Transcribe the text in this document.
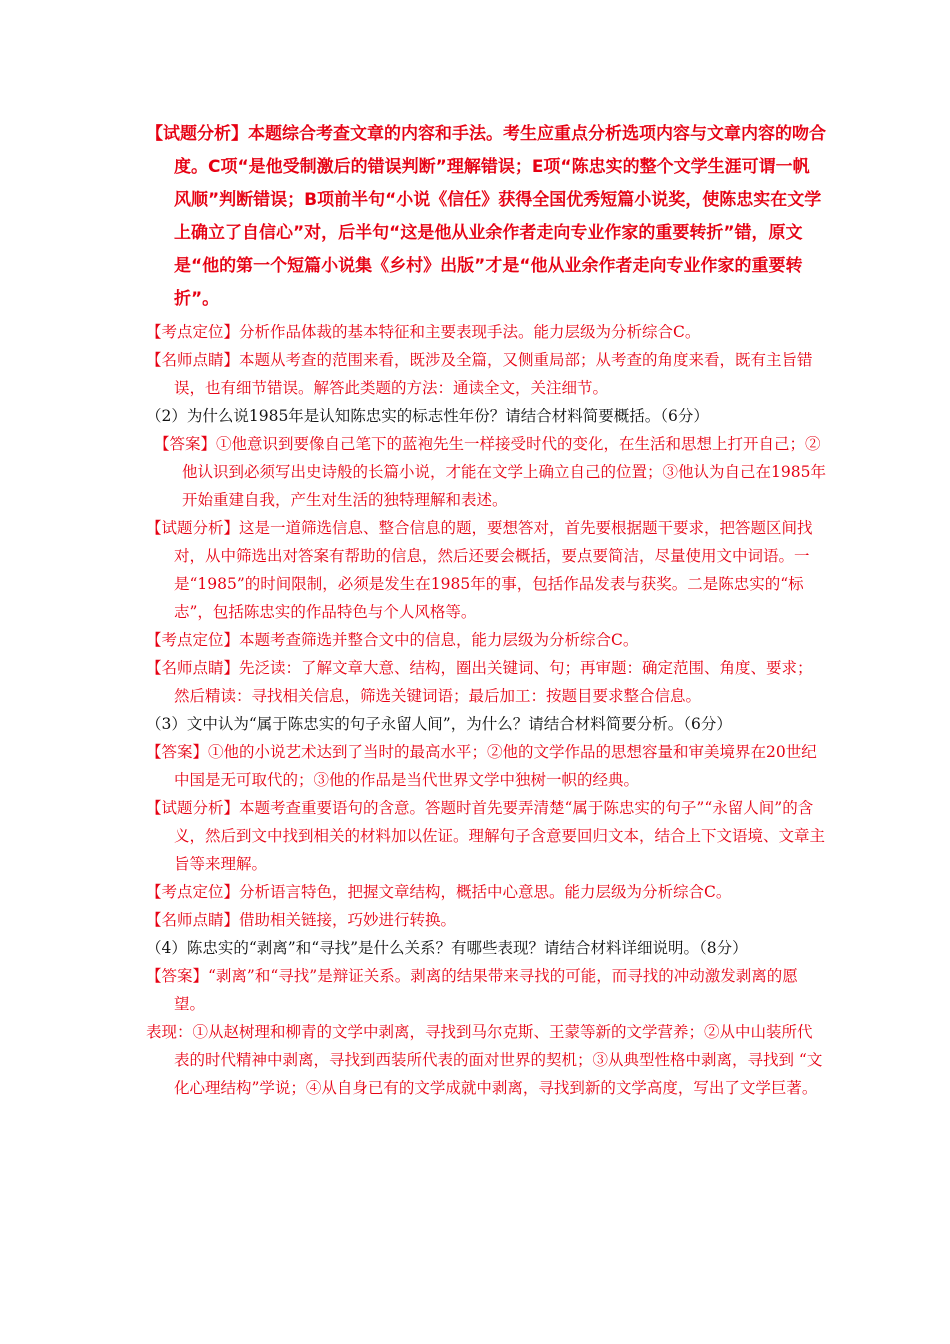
【试题分析】本题综合考查文章的内容和手法。考生应重点分析选项内容与文章内容的吻合度。C项“是他受制激后的错误判断”理解错误；E项“陈忠实的整个文学生涯可谓一帆风顺”判断错误；B项前半句“小说《信任》获得全国优秀短篇小说奖，使陈忠实在文学上确立了自信心”对，后半句“这是他从业余作者走向专业作家的重要转折”错，原文是“他的第一个短篇小说集《乡村》出版”才是“他从业余作者走向专业作家的重要转折”。

【考点定位】分析作品体裁的基本特征和主要表现手法。能力层级为分析综合C。

【名师点睛】本题从考查的范围来看，既涉及全篇，又侧重局部；从考查的角度来看，既有主旨错误，也有细节错误。解答此类题的方法：通读全文，关注细节。

（2）为什么说1985年是认知陈忠实的标志性年份？请结合材料简要概括。（6分）

【答案】①他意识到要像自己笔下的蓝袍先生一样接受时代的变化，在生活和思想上打开自己；②他认识到必须写出史诗般的长篇小说，才能在文学上确立自己的位置；③他认为自己在1985年开始重建自我，产生对生活的独特理解和表述。

【试题分析】这是一道筛选信息、整合信息的题，要想答对，首先要根据题干要求，把答题区间找对，从中筛选出对答案有帮助的信息，然后还要会概括，要点要简洁，尽量使用文中词语。一是“1985”的时间限制，必须是发生在1985年的事，包括作品发表与获奖。二是陈忠实的“标志”，包括陈忠实的作品特色与个人风格等。

【考点定位】本题考查筛选并整合文中的信息，能力层级为分析综合C。

【名师点睛】先泛读：了解文章大意、结构，圈出关键词、句；再审题：确定范围、角度、要求；然后精读：寻找相关信息，筛选关键词语；最后加工：按题目要求整合信息。

（3）文中认为“属于陈忠实的句子永留人间”，为什么？请结合材料简要分析。（6分）

【答案】①他的小说艺术达到了当时的最高水平；②他的文学作品的思想容量和审美境界在20世纪中国是无可取代的；③他的作品是当代世界文学中独树一帜的经典。

【试题分析】本题考查重要语句的含意。答题时首先要弄清楚“属于陈忠实的句子”“永留人间”的含义，然后到文中找到相关的材料加以佐证。理解句子含意要回归文本，结合上下文语境、文章主旨等来理解。

【考点定位】分析语言特色，把握文章结构，概括中心意思。能力层级为分析综合C。

【名师点睛】借助相关链接，巧妙进行转换。

（4）陈忠实的“剥离”和“寻找”是什么关系？有哪些表现？请结合材料详细说明。（8分）

【答案】“剥离”和“寻找”是辩证关系。剥离的结果带来寻找的可能，而寻找的冲动激发剥离的愿望。

表现：①从赵树理和柳青的文学中剥离，寻找到马尔克斯、王蒙等新的文学营养；②从中山装所代表的时代精神中剥离，寻找到西装所代表的面对世界的契机；③从典型性格中剥离，寻找到 “文化心理结构”学说；④从自身已有的文学成就中剥离，寻找到新的文学高度，写出了文学巨著。
